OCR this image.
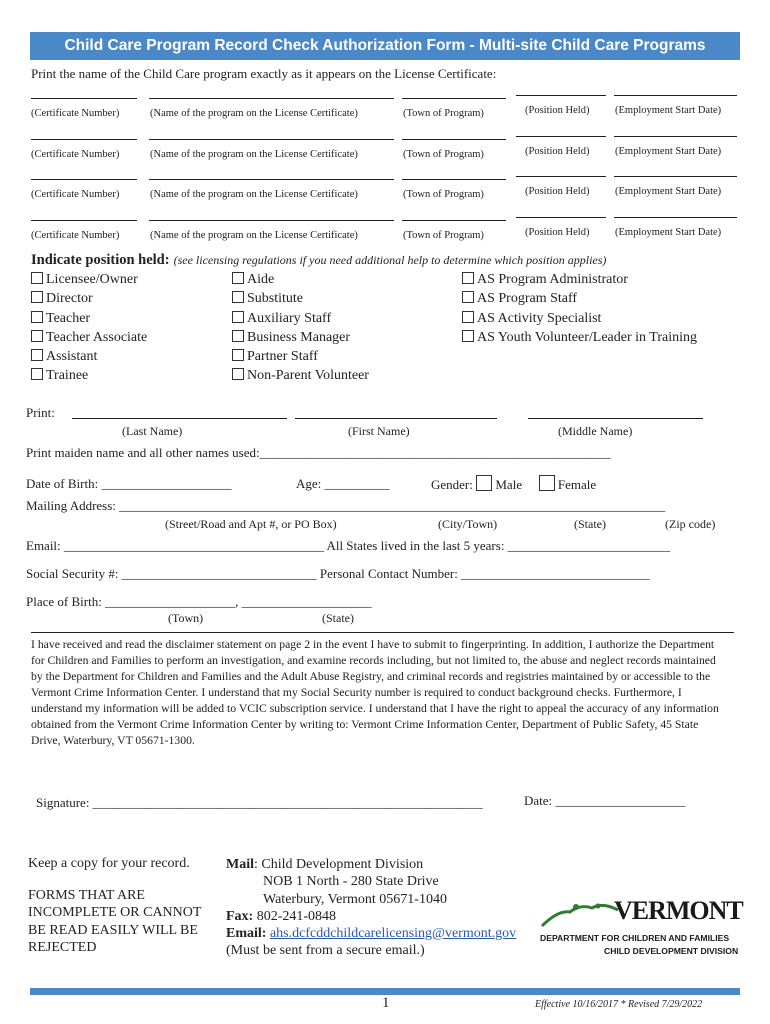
Child Care Program Record Check Authorization Form - Multi-site Child Care Programs
Print the name of the Child Care program exactly as it appears on the License Certificate:
(Certificate Number)	(Name of the program on the License Certificate)	(Town of Program)	(Position Held) (Employment Start Date)
(Certificate Number)	(Name of the program on the License Certificate)	(Town of Program)	(Position Held) (Employment Start Date)
(Certificate Number)	(Name of the program on the License Certificate)	(Town of Program)	(Position Held) (Employment Start Date)
(Certificate Number)	(Name of the program on the License Certificate)	(Town of Program)	(Position Held) (Employment Start Date)
Indicate position held: (see licensing regulations if you need additional help to determine which position applies)
Licensee/Owner
Director
Teacher
Teacher Associate
Assistant
Trainee
Aide
Substitute
Auxiliary Staff
Business Manager
Partner Staff
Non-Parent Volunteer
AS Program Administrator
AS Program Staff
AS Activity Specialist
AS Youth Volunteer/Leader in Training
Print:
(Last Name)	(First Name)	(Middle Name)
Print maiden name and all other names used:______________________________________________________
Date of Birth: ____________________	Age: __________	Gender: Male	Female
Mailing Address: ____________________________________________________________________________________
(Street/Road and Apt #, or PO Box)	(City/Town)	(State)	(Zip code)
Email: ________________________________________ All States lived in the last 5 years: _________________________
Social Security #: ______________________________ Personal Contact Number: _____________________________
Place of Birth: ____________________, ____________________
(Town)	(State)
I have received and read the disclaimer statement on page 2 in the event I have to submit to fingerprinting. In addition, I authorize the Department for Children and Families to perform an investigation, and examine records including, but not limited to, the abuse and neglect records maintained by the Department for Children and Families and the Adult Abuse Registry, and criminal records and registries maintained by or accessible to the Vermont Crime Information Center. I understand that my Social Security number is required to conduct background checks. Furthermore, I understand my information will be added to VCIC subscription service. I understand that I have the right to appeal the accuracy of any information obtained from the Vermont Crime Information Center by writing to: Vermont Crime Information Center, Department of Public Safety, 45 State Drive, Waterbury, VT 05671-1300.
Signature: ____________________________________________________________	Date: ____________________
Keep a copy for your record.
FORMS THAT ARE
INCOMPLETE OR CANNOT
BE READ EASILY WILL BE
REJECTED
Mail: Child Development Division
NOB 1 North - 280 State Drive
Waterbury, Vermont 05671-1040
Fax: 802-241-0848
Email: ahs.dcfcddchildcarelicensing@vermont.gov
(Must be sent from a secure email.)
VERMONT
DEPARTMENT FOR CHILDREN AND FAMILIES
CHILD DEVELOPMENT DIVISION
1	Effective 10/16/2017 * Revised 7/29/2022
